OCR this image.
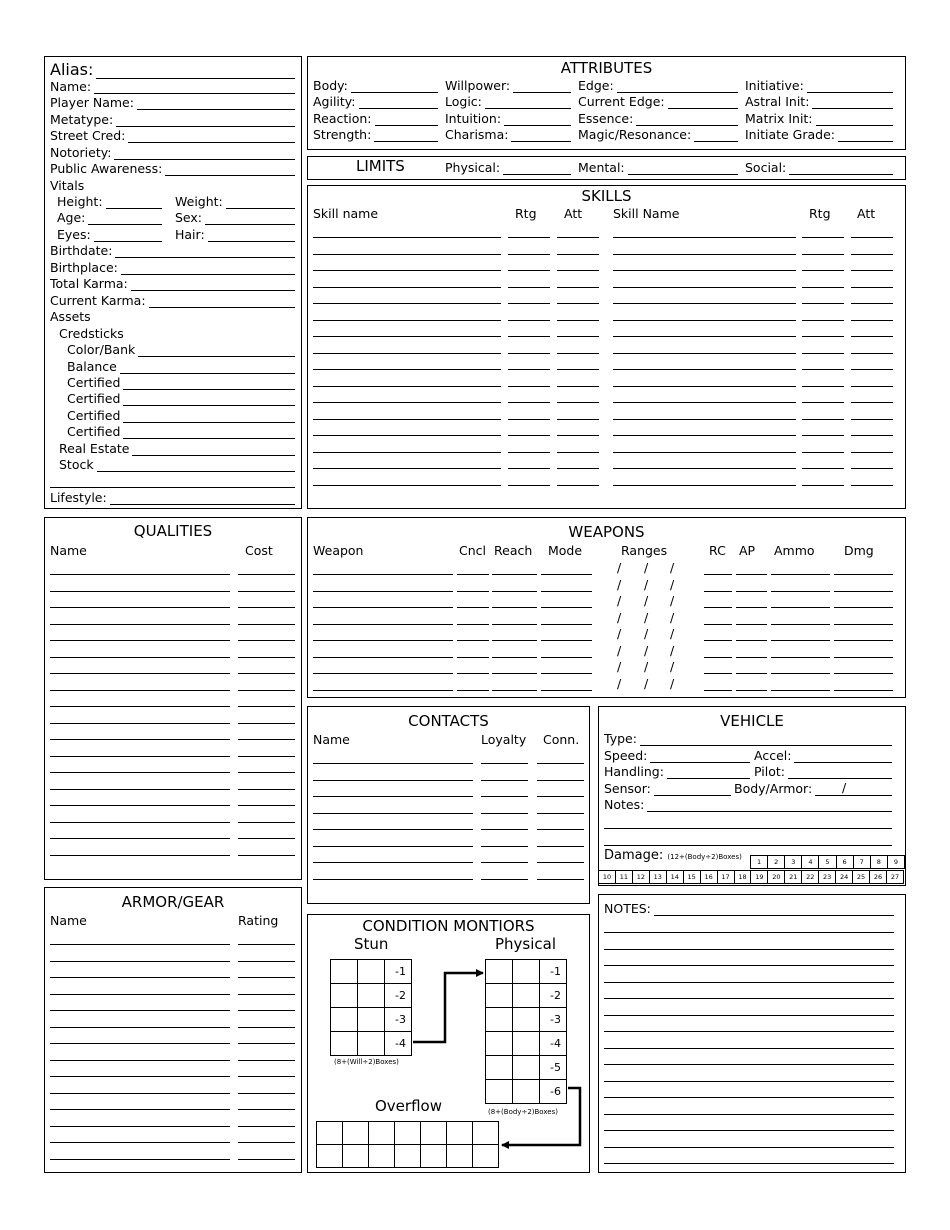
Alias:
Name:
Player Name:
Metatype:
Street Cred:
Notoriety:
Public Awareness:
Vitals
Height:	Weight:
Age:	Sex:
Eyes:	Hair:
Birthdate:
Birthplace:
Total Karma:
Current Karma:
Assets
Credsticks
Color/Bank
Balance
Certified
Certified
Certified
Certified
Real Estate
Stock
Lifestyle:
ATTRIBUTES
Body:	Willpower:	Edge:	Initiative:
Agility:	Logic:	Current Edge:	Astral Init:
Reaction:	Intuition:	Essence:	Matrix Init:
Strength:	Charisma:	Magic/Resonance:	Initiate Grade:
LIMITS	Physical:	Mental:	Social:
SKILLS
Skill name	Rtg Att Skill Name	Rtg Att
QUALITIES
Name	Cost
WEAPONS
Weapon	Cncl Reach Mode	Ranges	RC AP Ammo Dmg
/ / /
/ / /
/ / /
/ / /
/ / /
/ / /
/ / /
/ / /
CONTACTS
Name	Loyalty Conn.
VEHICLE
Type:
Speed:	Accel:
Handling:	Pilot:
Sensor:	Body/Armor: /
Notes:
Damage: (12+(Body÷2)Boxes)
1	2	3	4	5	6	7	8	9
10	11	12	13	14	15	16	17	18	19	20	21	22	23	24	25	26	27
ARMOR/GEAR
Name	Rating	CONDITION MONTIORS
Stun	Physical
		-1
		-2
		-3
		-4
(8+(Will÷2)Boxes)
		-1
		-2
		-3
		-4
		-5
		-6
(8+(Body÷2)Boxes)
Overflow

NOTES:
